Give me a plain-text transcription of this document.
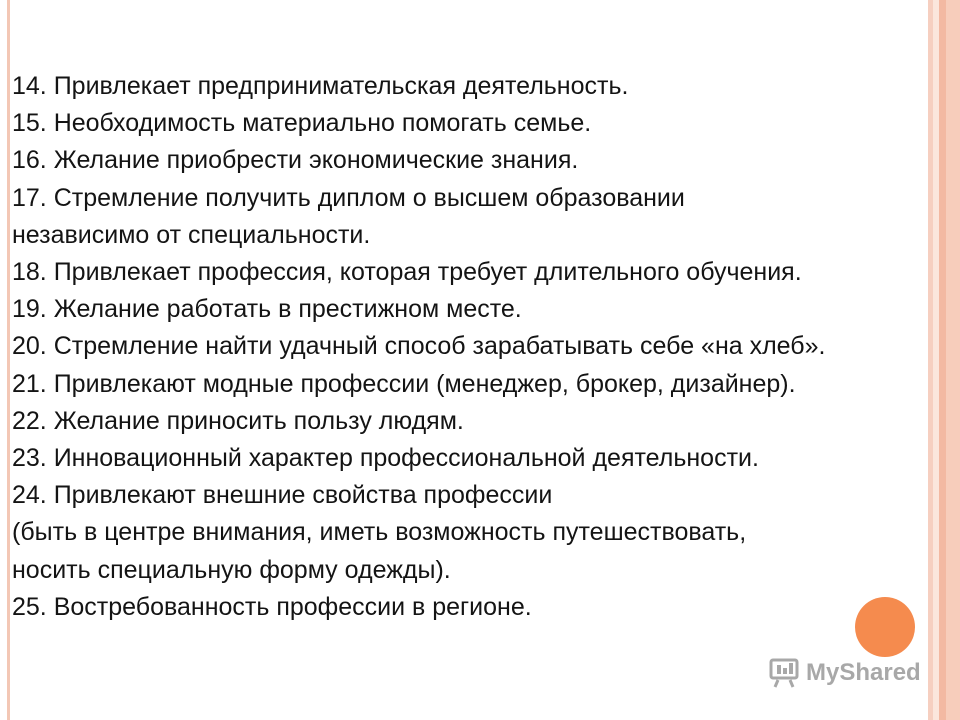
14. Привлекает предпринимательская деятельность.

15. Необходимость материально помогать семье.

16. Желание приобрести экономические знания.

17. Стремление получить диплом о высшем образовании

независимо от специальности.

18. Привлекает профессия, которая требует длительного обучения.

19. Желание работать в престижном месте.

20. Стремление найти удачный способ зарабатывать себе «на хлеб».

21. Привлекают модные профессии (менеджер, брокер, дизайнер).

22. Желание приносить пользу людям.

23. Инновационный характер профессиональной деятельности.

24. Привлекают внешние свойства профессии

(быть в центре внимания, иметь возможность путешествовать,

носить специальную форму одежды).

25. Востребованность профессии в регионе.

MyShared
